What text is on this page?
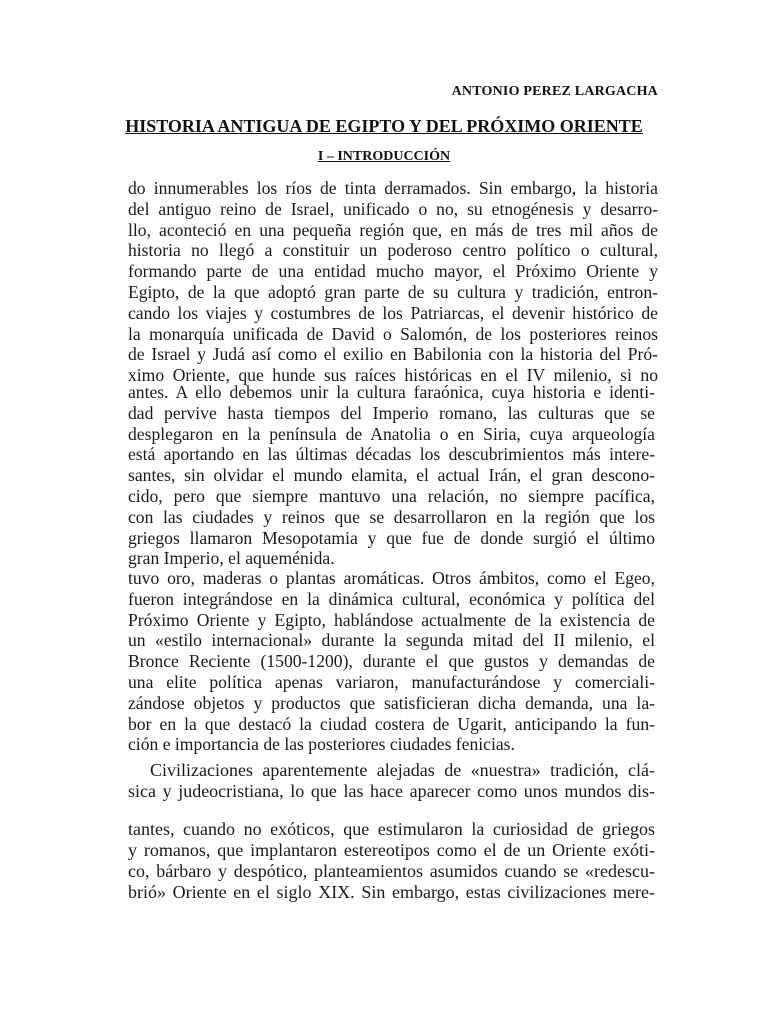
ANTONIO PEREZ LARGACHA
HISTORIA ANTIGUA DE EGIPTO Y DEL PRÓXIMO ORIENTE
I – INTRODUCCIÓN
do innumerables los ríos de tinta derramados. Sin embargo, la historia
del antiguo reino de Israel, unificado o no, su etnogénesis y desarro-
llo, aconteció en una pequeña región que, en más de tres mil años de
historia no llegó a constituir un poderoso centro político o cultural,
formando parte de una entidad mucho mayor, el Próximo Oriente y
Egipto, de la que adoptó gran parte de su cultura y tradición, entron-
cando los viajes y costumbres de los Patriarcas, el devenir histórico de
la monarquía unificada de David o Salomón, de los posteriores reinos
de Israel y Judá así como el exilio en Babilonia con la historia del Pró-
ximo Oriente, que hunde sus raíces históricas en el IV milenio, si no
antes. A ello debemos unir la cultura faraónica, cuya historia e identi-
dad pervive hasta tiempos del Imperio romano, las culturas que se
desplegaron en la península de Anatolia o en Siria, cuya arqueología
está aportando en las últimas décadas los descubrimientos más intere-
santes, sin olvidar el mundo elamita, el actual Irán, el gran descono-
cido, pero que siempre mantuvo una relación, no siempre pacífica,
con las ciudades y reinos que se desarrollaron en la región que los
griegos llamaron Mesopotamia y que fue de donde surgió el último
gran Imperio, el aqueménida.
tuvo oro, maderas o plantas aromáticas. Otros ámbitos, como el Egeo,
fueron integrándose en la dinámica cultural, económica y política del
Próximo Oriente y Egipto, hablándose actualmente de la existencia de
un «estilo internacional» durante la segunda mitad del II milenio, el
Bronce Reciente (1500-1200), durante el que gustos y demandas de
una elite política apenas variaron, manufacturándose y comerciali-
zándose objetos y productos que satisficieran dicha demanda, una la-
bor en la que destacó la ciudad costera de Ugarit, anticipando la fun-
ción e importancia de las posteriores ciudades fenicias.
Civilizaciones aparentemente alejadas de «nuestra» tradición, clá-
sica y judeocristiana, lo que las hace aparecer como unos mundos dis-
tantes, cuando no exóticos, que estimularon la curiosidad de griegos
y romanos, que implantaron estereotipos como el de un Oriente exóti-
co, bárbaro y despótico, planteamientos asumidos cuando se «redescu-
brió» Oriente en el siglo XIX. Sin embargo, estas civilizaciones mere-
